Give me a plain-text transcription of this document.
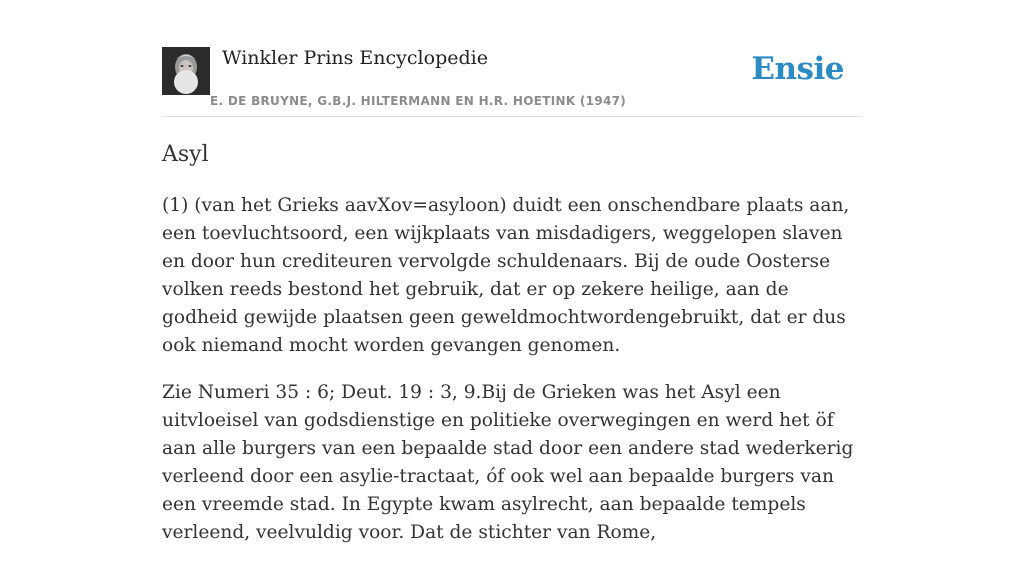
Winkler Prins Encyclopedie
E. DE BRUYNE, G.B.J. HILTERMANN EN H.R. HOETINK (1947)
Ensie
Asyl

(1) (van het Grieks aavXov=asyloon) duidt een onschendbare plaats aan, een toevluchtsoord, een wijkplaats van misdadigers, weggelopen slaven en door hun crediteuren vervolgde schuldenaars. Bij de oude Oosterse volken reeds bestond het gebruik, dat er op zekere heilige, aan de godheid gewijde plaatsen geen geweldmochtwordengebruikt, dat er dus ook niemand mocht worden gevangen genomen.

Zie Numeri 35 : 6; Deut. 19 : 3, 9.Bij de Grieken was het Asyl een uitvloeisel van godsdienstige en politieke overwegingen en werd het öf aan alle burgers van een bepaalde stad door een andere stad wederkerig verleend door een asylie-tractaat, óf ook wel aan bepaalde burgers van een vreemde stad. In Egypte kwam asylrecht, aan bepaalde tempels verleend, veelvuldig voor. Dat de stichter van Rome,
